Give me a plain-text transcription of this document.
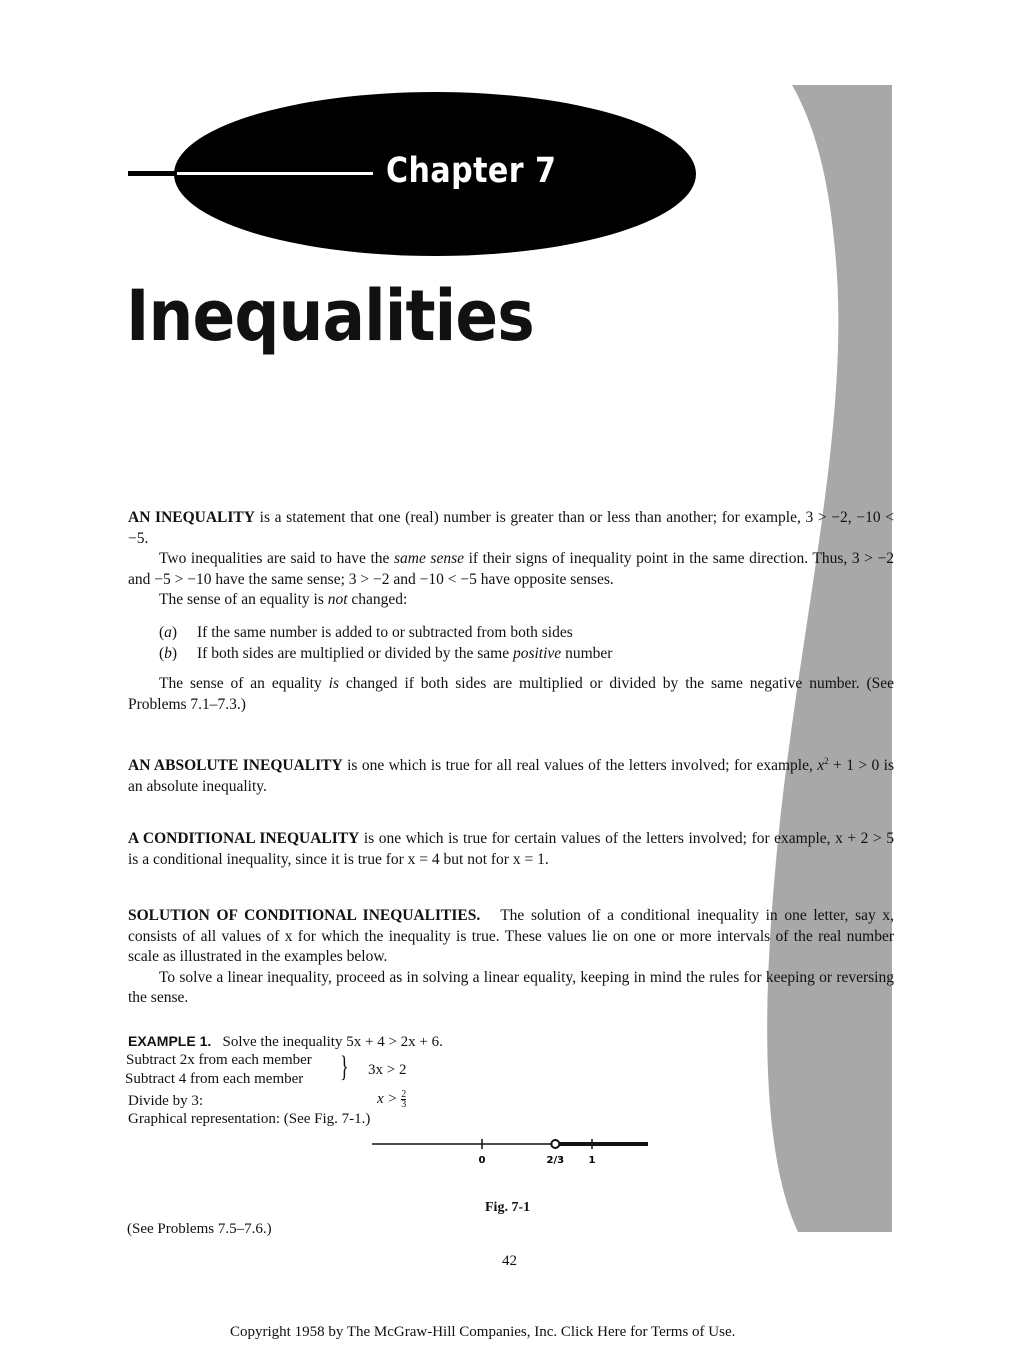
Chapter 7
Inequalities

AN INEQUALITY is a statement that one (real) number is greater than or less than another; for example, 3 > −2, −10 < −5.

Two inequalities are said to have the same sense if their signs of inequality point in the same direction. Thus, 3 > −2 and −5 > −10 have the same sense; 3 > −2 and −10 < −5 have opposite senses.

The sense of an equality is not changed:

(a) If the same number is added to or subtracted from both sides
(b) If both sides are multiplied or divided by the same positive number

The sense of an equality is changed if both sides are multiplied or divided by the same negative number. (See Problems 7.1–7.3.)

AN ABSOLUTE INEQUALITY is one which is true for all real values of the letters involved; for example, $x^2 + 1 > 0$ is an absolute inequality.

A CONDITIONAL INEQUALITY is one which is true for certain values of the letters involved; for example, x + 2 > 5 is a conditional inequality, since it is true for x = 4 but not for x = 1.

SOLUTION OF CONDITIONAL INEQUALITIES. The solution of a conditional inequality in one letter, say x, consists of all values of x for which the inequality is true. These values lie on one or more intervals of the real number scale as illustrated in the examples below.

To solve a linear inequality, proceed as in solving a linear equality, keeping in mind the rules for keeping or reversing the sense.

EXAMPLE 1. Solve the inequality 5x + 4 > 2x + 6.
Subtract 2x from each member
Subtract 4 from each member } 3x > 2
Divide by 3:	$x > \frac{2}{3}$
Graphical representation: (See Fig. 7-1.)
0	2/3 1
Fig. 7-1
(See Problems 7.5–7.6.)
42
Copyright 1958 by The McGraw-Hill Companies, Inc. Click Here for Terms of Use.
